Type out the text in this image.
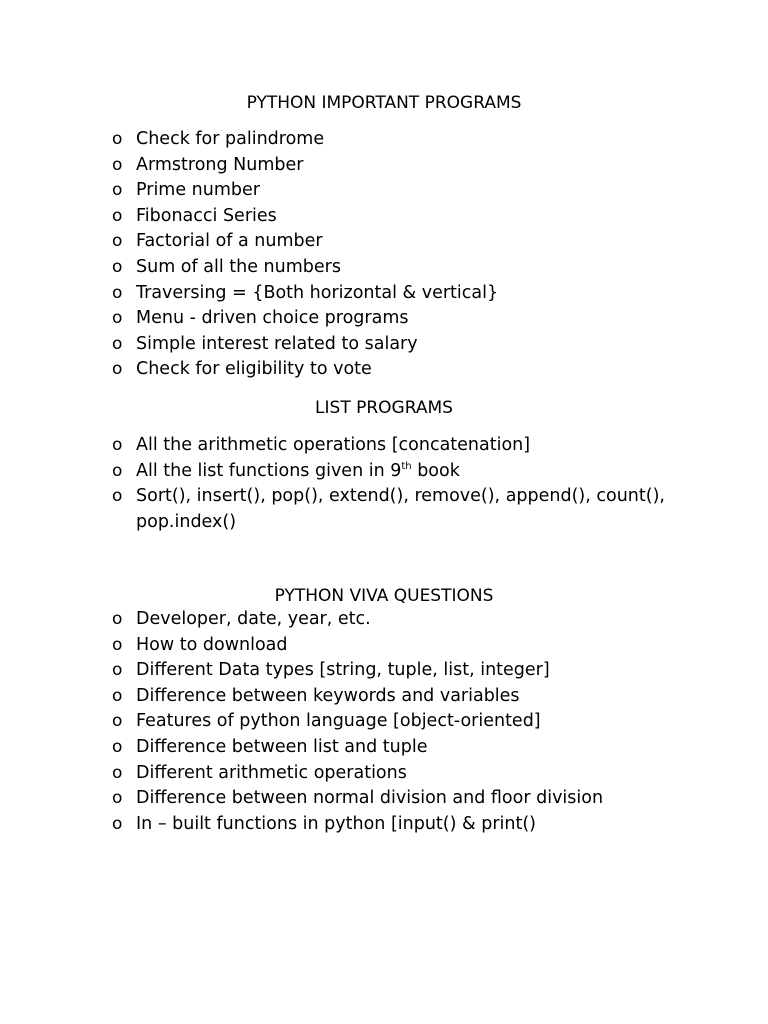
PYTHON IMPORTANT PROGRAMS
o Check for palindrome
o Armstrong Number
o Prime number
o Fibonacci Series
o Factorial of a number
o Sum of all the numbers
o Traversing = {Both horizontal & vertical}
o Menu - driven choice programs
o Simple interest related to salary
o Check for eligibility to vote
LIST PROGRAMS
o All the arithmetic operations [concatenation]
o All the list functions given in 9th book
o Sort(), insert(), pop(), extend(), remove(), append(), count(), pop.index()
PYTHON VIVA QUESTIONS
o Developer, date, year, etc.
o How to download
o Different Data types [string, tuple, list, integer]
o Difference between keywords and variables
o Features of python language [object-oriented]
o Difference between list and tuple
o Different arithmetic operations
o Difference between normal division and floor division
o In – built functions in python [input() & print()
